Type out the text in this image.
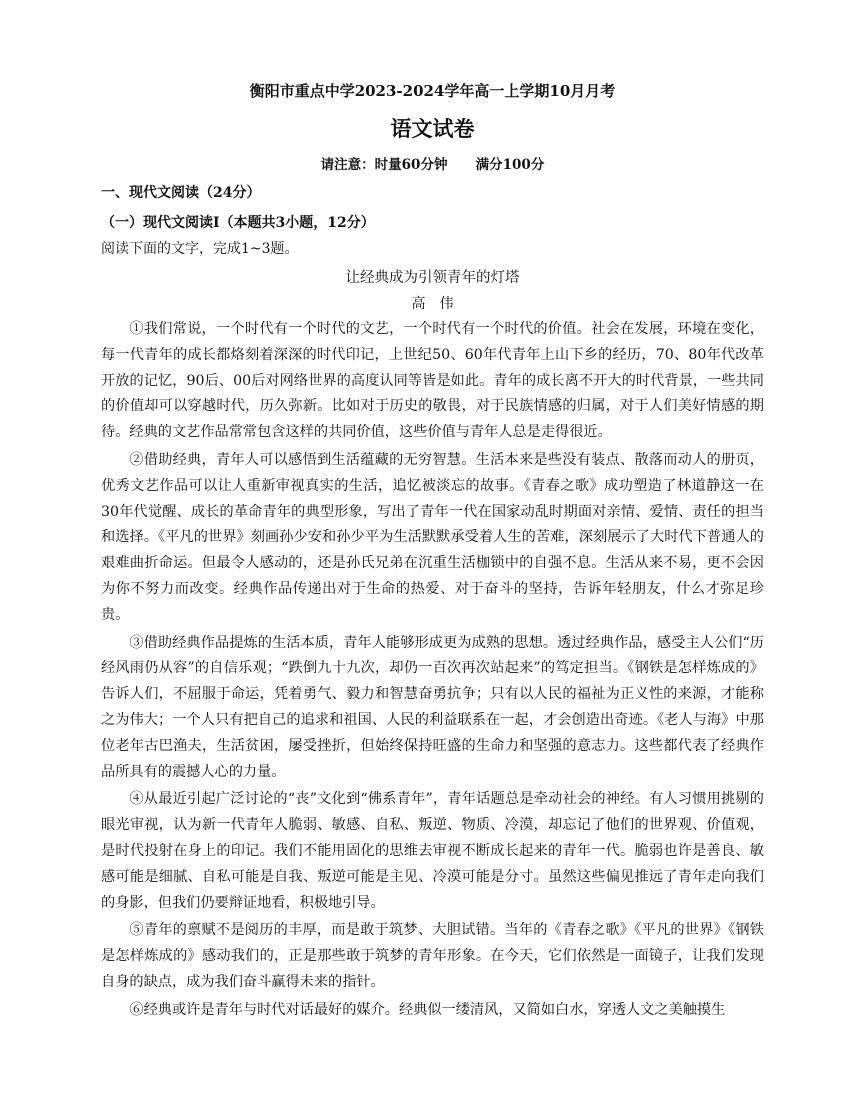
衡阳市重点中学2023-2024学年高一上学期10月月考
语文试卷

请注意：时量60分钟      满分100分

一、现代文阅读（24分）

（一）现代文阅读Ⅰ（本题共3小题，12分）

阅读下面的文字，完成1~3题。

让经典成为引领青年的灯塔

高伟

①我们常说，一个时代有一个时代的文艺，一个时代有一个时代的价值。社会在发展，环境在变化，每一代青年的成长都烙刻着深深的时代印记，上世纪50、60年代青年上山下乡的经历，70、80年代改革开放的记忆，90后、00后对网络世界的高度认同等皆是如此。青年的成长离不开大的时代背景，一些共同的价值却可以穿越时代，历久弥新。比如对于历史的敬畏，对于民族情感的归属，对于人们美好情感的期待。经典的文艺作品常常包含这样的共同价值，这些价值与青年人总是走得很近。

②借助经典，青年人可以感悟到生活蕴藏的无穷智慧。生活本来是些没有装点、散落而动人的册页，优秀文艺作品可以让人重新审视真实的生活，追忆被淡忘的故事。《青春之歌》成功塑造了林道静这一在30年代觉醒、成长的革命青年的典型形象，写出了青年一代在国家动乱时期面对亲情、爱情、责任的担当和选择。《平凡的世界》刻画孙少安和孙少平为生活默默承受着人生的苦难，深刻展示了大时代下普通人的艰难曲折命运。但最令人感动的，还是孙氏兄弟在沉重生活枷锁中的自强不息。生活从来不易，更不会因为你不努力而改变。经典作品传递出对于生命的热爱、对于奋斗的坚持，告诉年轻朋友，什么才弥足珍贵。

③借助经典作品提炼的生活本质，青年人能够形成更为成熟的思想。透过经典作品，感受主人公们“历经风雨仍从容”的自信乐观；“跌倒九十九次，却仍一百次再次站起来”的笃定担当。《钢铁是怎样炼成的》告诉人们，不屈服于命运，凭着勇气、毅力和智慧奋勇抗争；只有以人民的福祉为正义性的来源，才能称之为伟大；一个人只有把自己的追求和祖国、人民的利益联系在一起，才会创造出奇迹。《老人与海》中那位老年古巴渔夫，生活贫困，屡受挫折，但始终保持旺盛的生命力和坚强的意志力。这些都代表了经典作品所具有的震撼人心的力量。

④从最近引起广泛讨论的“丧”文化到“佛系青年”，青年话题总是牵动社会的神经。有人习惯用挑剔的眼光审视，认为新一代青年人脆弱、敏感、自私、叛逆、物质、冷漠，却忘记了他们的世界观、价值观，是时代投射在身上的印记。我们不能用固化的思维去审视不断成长起来的青年一代。脆弱也许是善良、敏感可能是细腻、自私可能是自我、叛逆可能是主见、冷漠可能是分寸。虽然这些偏见推远了青年走向我们的身影，但我们仍要辩证地看，积极地引导。

⑤青年的禀赋不是阅历的丰厚，而是敢于筑梦、大胆试错。当年的《青春之歌》《平凡的世界》《钢铁是怎样炼成的》感动我们的，正是那些敢于筑梦的青年形象。在今天，它们依然是一面镜子，让我们发现自身的缺点，成为我们奋斗赢得未来的指针。

⑥经典或许是青年与时代对话最好的媒介。经典似一缕清风，又简如白水，穿透人文之美触摸生
